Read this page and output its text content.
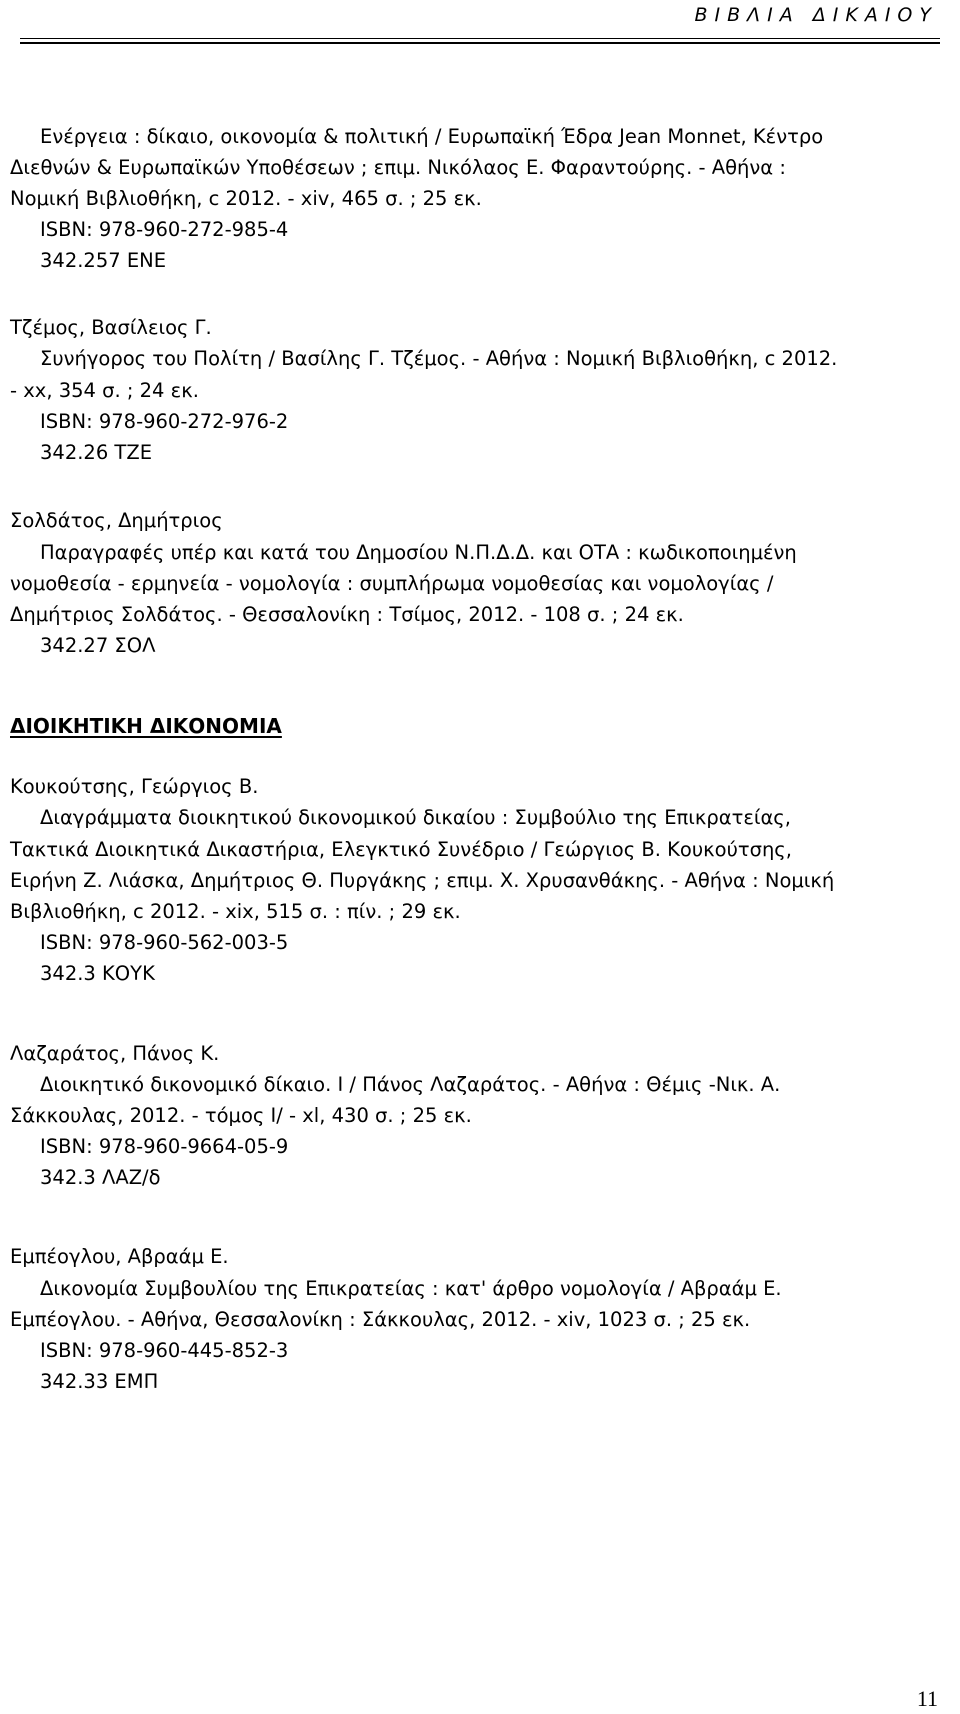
ΒΙΒΛΙΑ ΔΙΚΑΙΟΥ
Ενέργεια : δίκαιο, οικονομία & πολιτική / Ευρωπαϊκή Έδρα Jean Monnet, Κέντρο
Διεθνών & Ευρωπαϊκών Υποθέσεων ; επιμ. Νικόλαος Ε. Φαραντούρης. - Αθήνα :
Νομική Βιβλιοθήκη, c 2012. - xiv, 465 σ. ; 25 εκ.
ISBN: 978-960-272-985-4
342.257 ΕΝΕ
Τζέμος, Βασίλειος Γ.
Συνήγορος του Πολίτη / Βασίλης Γ. Τζέμος. - Αθήνα : Νομική Βιβλιοθήκη, c 2012.
- xx, 354 σ. ; 24 εκ.
ISBN: 978-960-272-976-2
342.26 ΤΖΕ
Σολδάτος, Δημήτριος
Παραγραφές υπέρ και κατά του Δημοσίου Ν.Π.Δ.Δ. και ΟΤΑ : κωδικοποιημένη
νομοθεσία - ερμηνεία - νομολογία : συμπλήρωμα νομοθεσίας και νομολογίας /
Δημήτριος Σολδάτος. - Θεσσαλονίκη : Τσίμος, 2012. - 108 σ. ; 24 εκ.
342.27 ΣΟΛ
ΔΙΟΙΚΗΤΙΚΗ ΔΙΚΟΝΟΜΙΑ
Κουκούτσης, Γεώργιος Β.
Διαγράμματα διοικητικού δικονομικού δικαίου : Συμβούλιο της Επικρατείας,
Τακτικά Διοικητικά Δικαστήρια, Ελεγκτικό Συνέδριο / Γεώργιος Β. Κουκούτσης,
Ειρήνη Ζ. Λιάσκα, Δημήτριος Θ. Πυργάκης ; επιμ. Χ. Χρυσανθάκης. - Αθήνα : Νομική
Βιβλιοθήκη, c 2012. - xix, 515 σ. : πίν. ; 29 εκ.
ISBN: 978-960-562-003-5
342.3 ΚΟΥΚ
Λαζαράτος, Πάνος Κ.
Διοικητικό δικονομικό δίκαιο. Ι / Πάνος Λαζαράτος. - Αθήνα : Θέμις -Νικ. Α.
Σάκκουλας, 2012. - τόμος Ι/ - xl, 430 σ. ; 25 εκ.
ISBN: 978-960-9664-05-9
342.3 ΛΑΖ/δ
Εμπέογλου, Αβραάμ Ε.
Δικονομία Συμβουλίου της Επικρατείας : κατ' άρθρο νομολογία / Αβραάμ Ε.
Εμπέογλου. - Αθήνα, Θεσσαλονίκη : Σάκκουλας, 2012. - xiv, 1023 σ. ; 25 εκ.
ISBN: 978-960-445-852-3
342.33 ΕΜΠ
11
